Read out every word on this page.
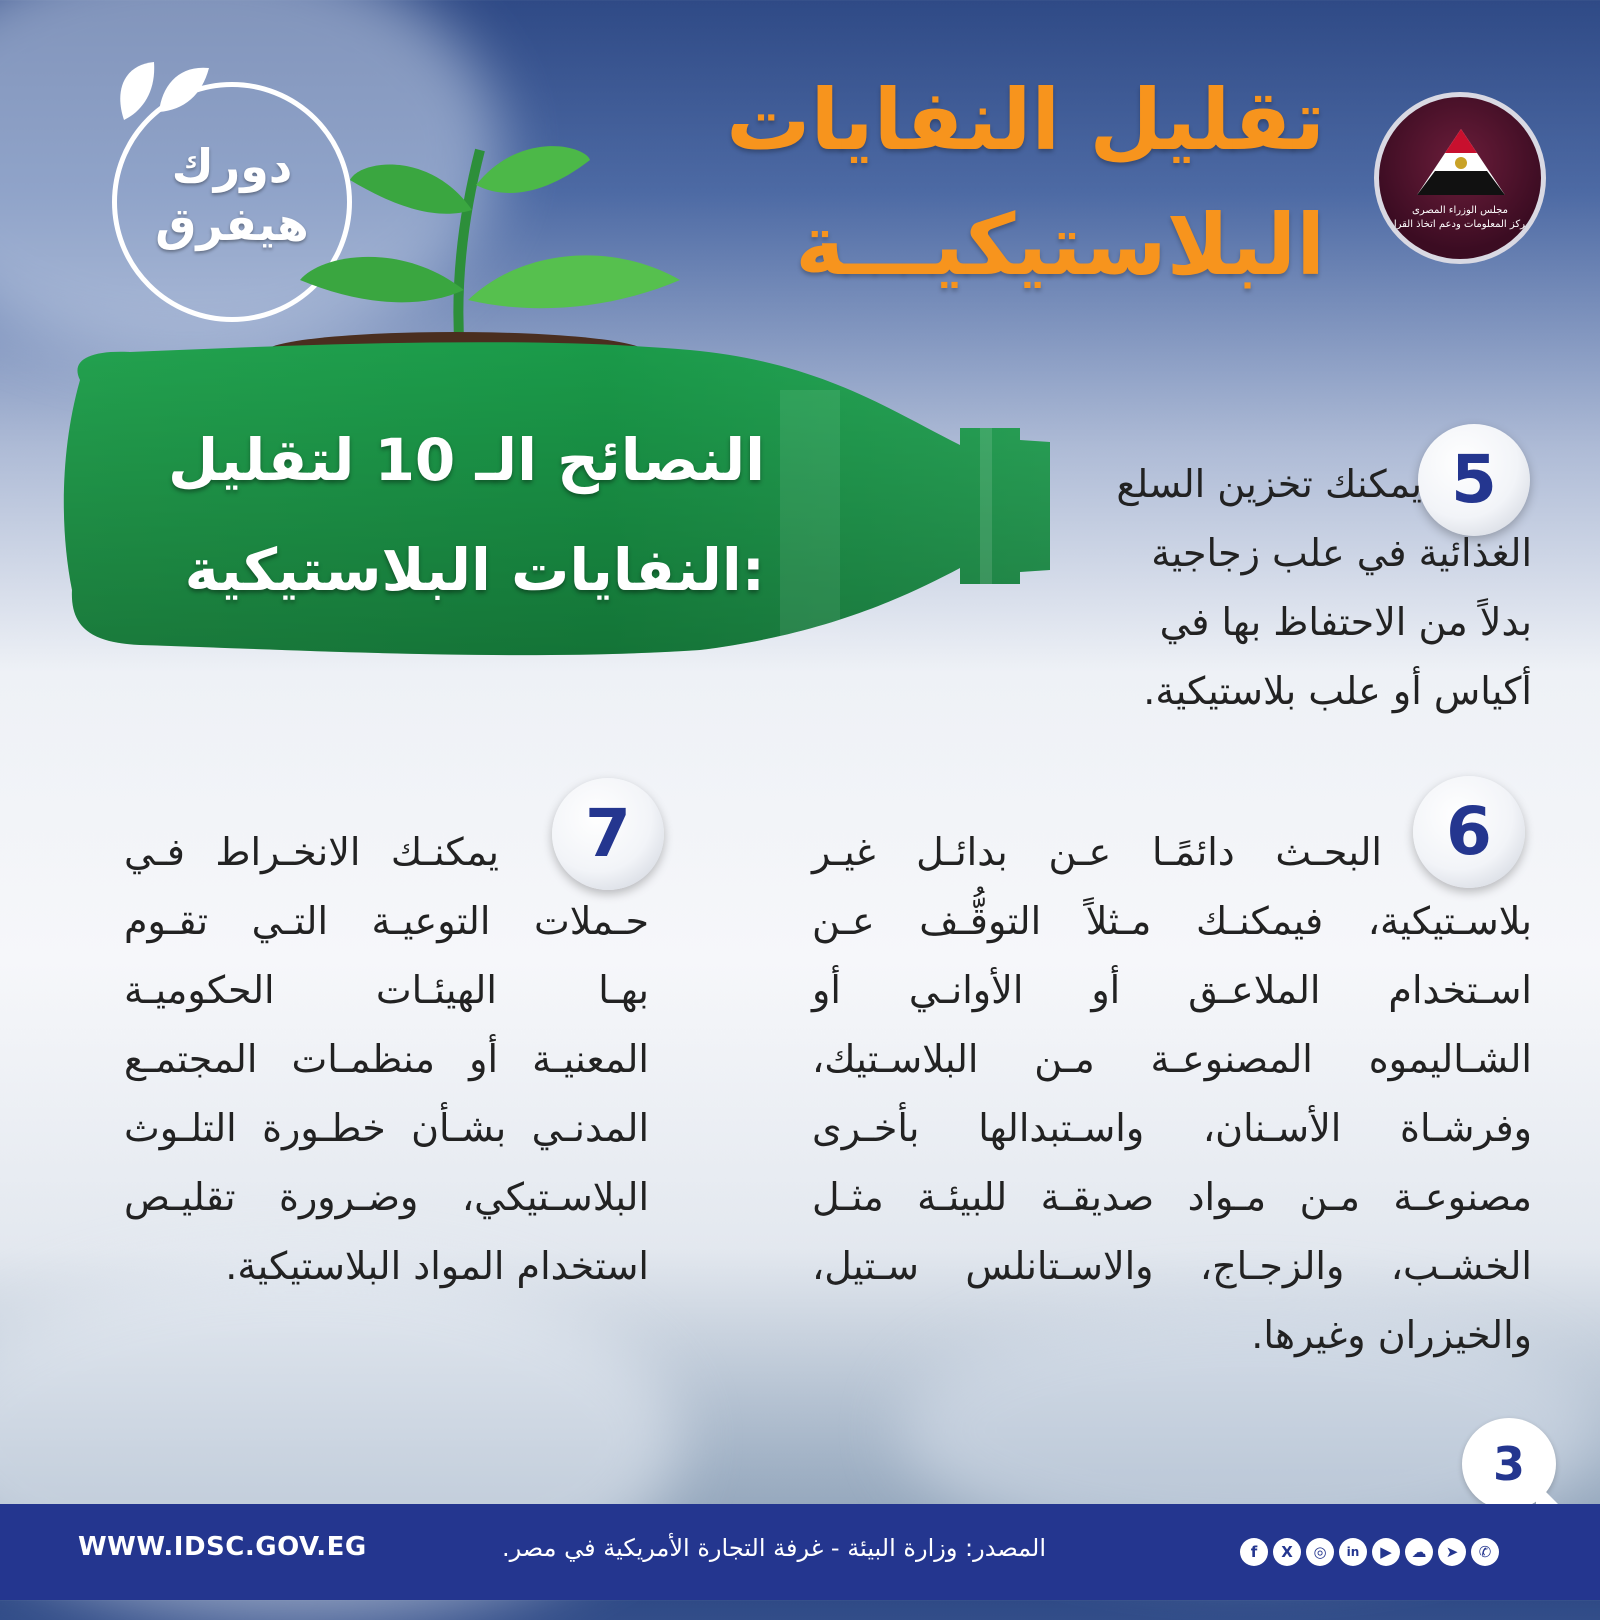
مجلس الوزراء المصرى
مركز المعلومات ودعم اتخاذ القرار
تقليل النفايات
البلاستيكيـــة
دورك
هيفرق
النصائح الـ 10 لتقليل
النفايات البلاستيكية:
5
يمكنك تخزين السلع
الغذائية في علب زجاجية
بدلاً من الاحتفاظ بها في
أكياس أو علب بلاستيكية.
6
البحـث دائمًـا عـن بدائـل غيـر
بلاسـتيكية، فيمكنـك مـثلاً التوقُّـف عـن
اسـتخدام الملاعـق أو الأوانـي أو
الشـاليموه المصنوعـة مـن البلاسـتيك،
وفرشـاة الأسـنان، واسـتبدالها بأخـرى
مصنوعـة مـن مـواد صديقـة للبيئـة مثـل
الخشـب، والزجـاج، والاسـتانلس سـتيل،
والخيزران وغيرها.
7
يمكنـك الانخـراط فـي
حـملات التوعيـة التـي تقـوم
بهـا الهيئـات الحكوميـة
المعنيـة أو منظمـات المجتمـع
المدنـي بشـأن خطـورة التلـوث
البلاسـتيكي، وضـرورة تقليـص
استخدام المواد البلاستيكية.
3
WWW.IDSC.GOV.EG	المصدر: وزارة البيئة - غرفة التجارة الأمريكية في مصر.	f	X	◎	in	▶	☁	➤	✆
